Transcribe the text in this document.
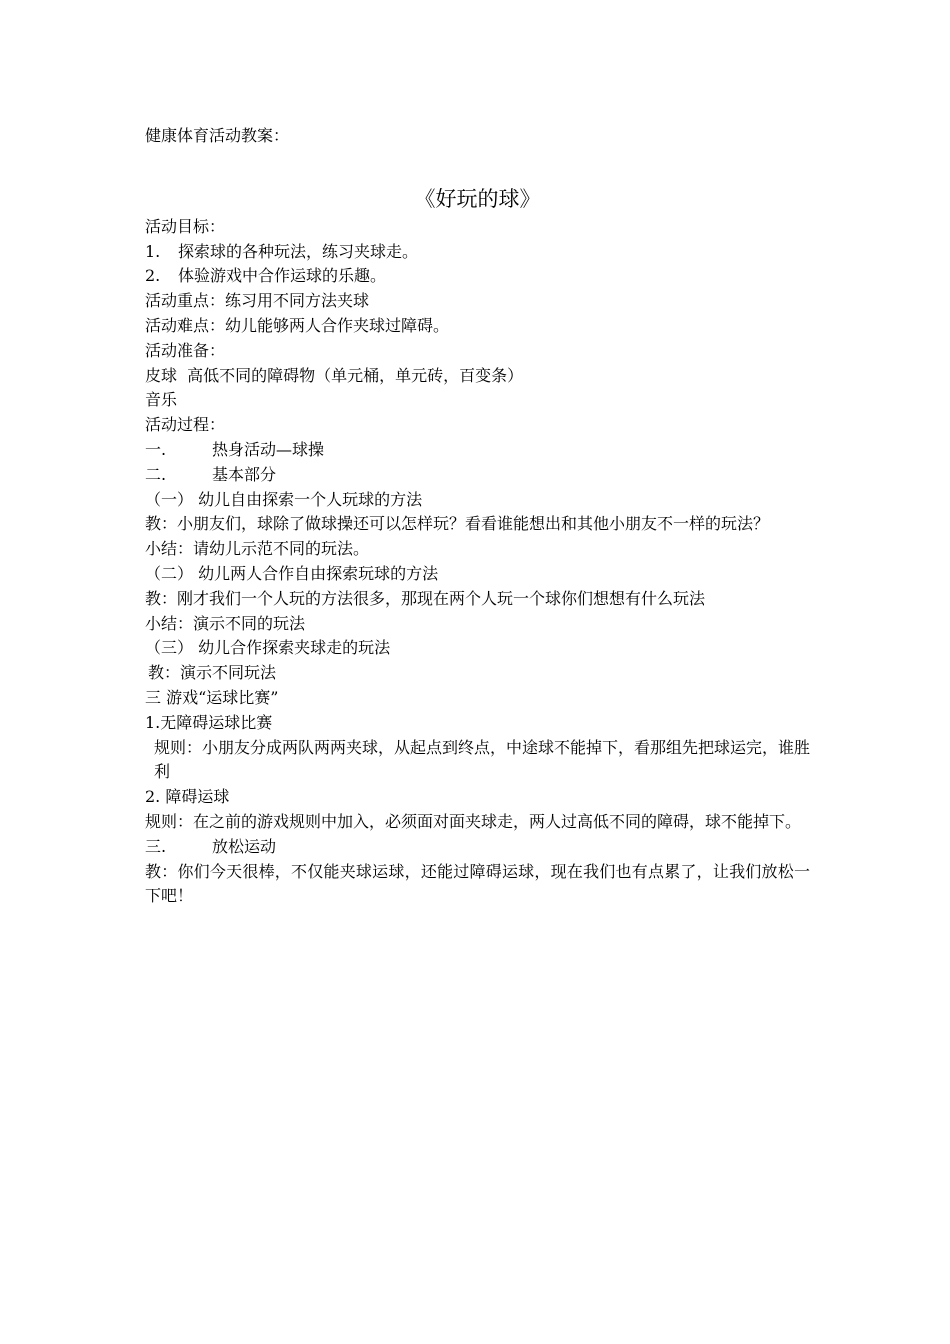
健康体育活动教案：

《好玩的球》

活动目标：

1. 探索球的各种玩法，练习夹球走。

2. 体验游戏中合作运球的乐趣。

活动重点：练习用不同方法夹球

活动难点：幼儿能够两人合作夹球过障碍。

活动准备：

皮球  高低不同的障碍物（单元桶，单元砖，百变条）

音乐

活动过程：

一.	热身活动—球操

二.	基本部分

（一） 幼儿自由探索一个人玩球的方法

教：小朋友们，球除了做球操还可以怎样玩？看看谁能想出和其他小朋友不一样的玩法？

小结：请幼儿示范不同的玩法。

（二） 幼儿两人合作自由探索玩球的方法

教：刚才我们一个人玩的方法很多，那现在两个人玩一个球你们想想有什么玩法

小结：演示不同的玩法

（三） 幼儿合作探索夹球走的玩法

教：演示不同玩法

三 游戏“运球比赛”

1.无障碍运球比赛

规则：小朋友分成两队两两夹球，从起点到终点，中途球不能掉下，看那组先把球运完，谁胜利

2. 障碍运球

规则：在之前的游戏规则中加入，必须面对面夹球走，两人过高低不同的障碍，球不能掉下。

三.	放松运动

教：你们今天很棒，不仅能夹球运球，还能过障碍运球，现在我们也有点累了，让我们放松一下吧！
